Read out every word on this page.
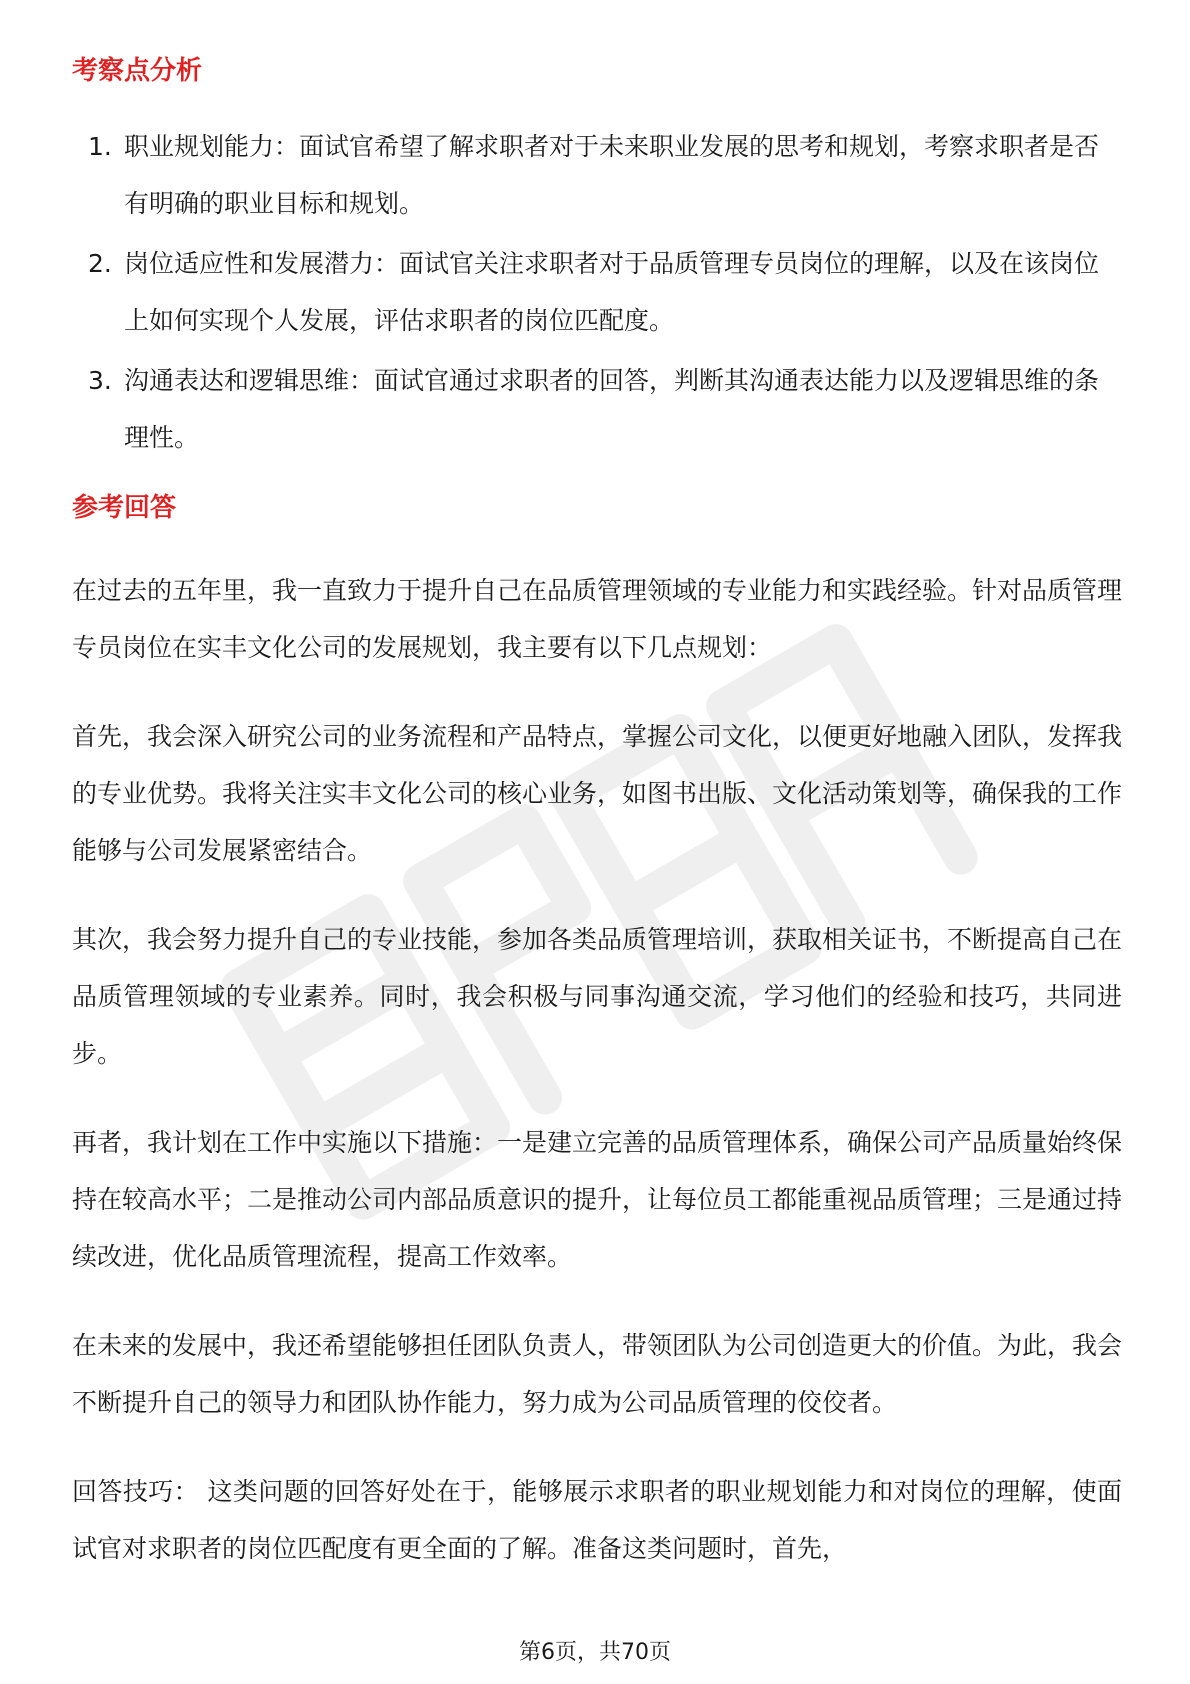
考察点分析
1. 职业规划能力：面试官希望了解求职者对于未来职业发展的思考和规划，考察求职者是否有明确的职业目标和规划。
2. 岗位适应性和发展潜力：面试官关注求职者对于品质管理专员岗位的理解，以及在该岗位上如何实现个人发展，评估求职者的岗位匹配度。
3. 沟通表达和逻辑思维：面试官通过求职者的回答，判断其沟通表达能力以及逻辑思维的条理性。
参考回答

在过去的五年里，我一直致力于提升自己在品质管理领域的专业能力和实践经验。针对品质管理专员岗位在实丰文化公司的发展规划，我主要有以下几点规划：

首先，我会深入研究公司的业务流程和产品特点，掌握公司文化，以便更好地融入团队，发挥我的专业优势。我将关注实丰文化公司的核心业务，如图书出版、文化活动策划等，确保我的工作能够与公司发展紧密结合。

其次，我会努力提升自己的专业技能，参加各类品质管理培训，获取相关证书，不断提高自己在品质管理领域的专业素养。同时，我会积极与同事沟通交流，学习他们的经验和技巧，共同进步。

再者，我计划在工作中实施以下措施：一是建立完善的品质管理体系，确保公司产品质量始终保持在较高水平；二是推动公司内部品质意识的提升，让每位员工都能重视品质管理；三是通过持续改进，优化品质管理流程，提高工作效率。

在未来的发展中，我还希望能够担任团队负责人，带领团队为公司创造更大的价值。为此，我会不断提升自己的领导力和团队协作能力，努力成为公司品质管理的佼佼者。

回答技巧： 这类问题的回答好处在于，能够展示求职者的职业规划能力和对岗位的理解，使面试官对求职者的岗位匹配度有更全面的了解。准备这类问题时，首先，

第6页，共70页
